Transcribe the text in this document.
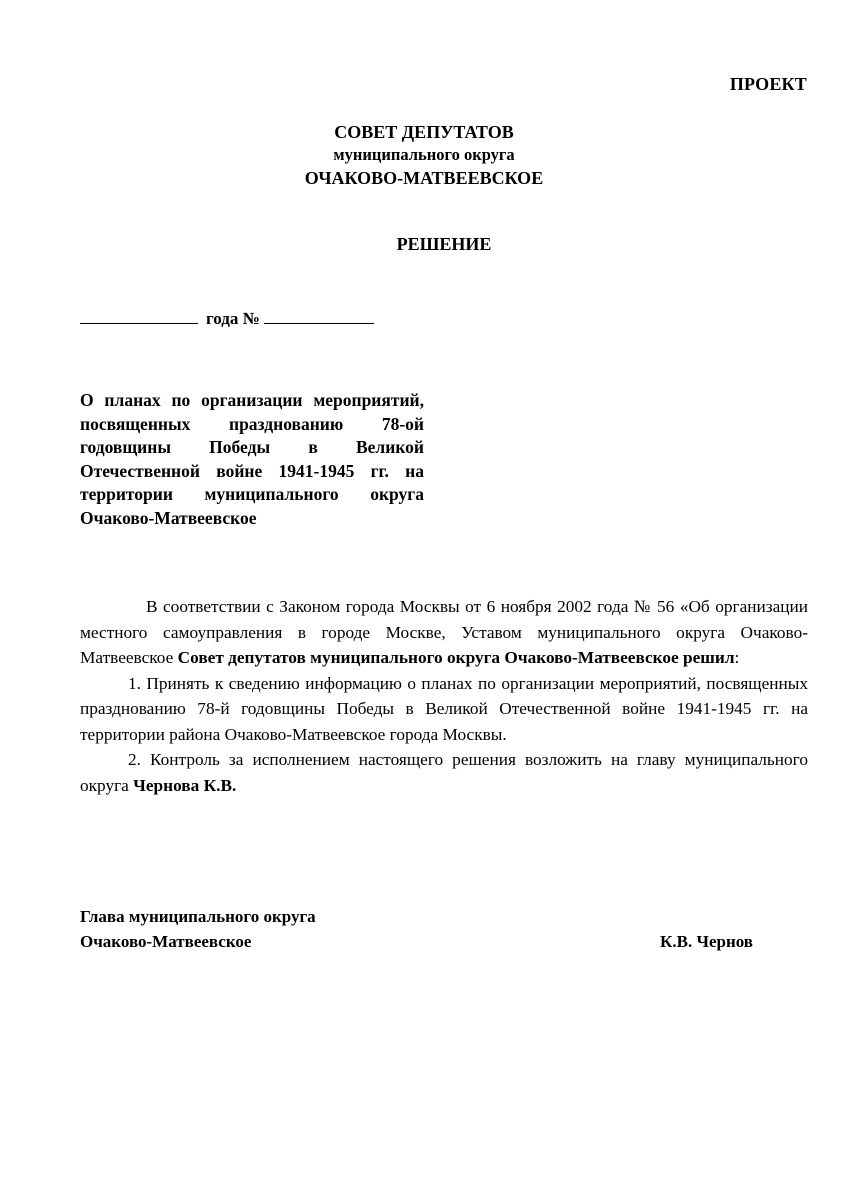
ПРОЕКТ
СОВЕТ ДЕПУТАТОВ
муниципального округа
ОЧАКОВО-МАТВЕЕВСКОЕ
РЕШЕНИЕ
года №
О планах по организации мероприятий, посвященных празднованию 78-ой годовщины Победы в Великой Отечественной войне 1941-1945 гг. на территории муниципального округа Очаково-Матвеевское

В соответствии с Законом города Москвы от 6 ноября 2002 года № 56 «Об организации местного самоуправления в городе Москве, Уставом муниципального округа Очаково-Матвеевское Совет депутатов муниципального округа Очаково-Матвеевское решил:

1. Принять к сведению информацию о планах по организации мероприятий, посвященных празднованию 78-й годовщины Победы в Великой Отечественной войне 1941-1945 гг. на территории района Очаково-Матвеевское города Москвы.

2. Контроль за исполнением настоящего решения возложить на главу муниципального округа Чернова К.В.

Глава муниципального округа
Очаково-Матвеевское	К.В. Чернов
